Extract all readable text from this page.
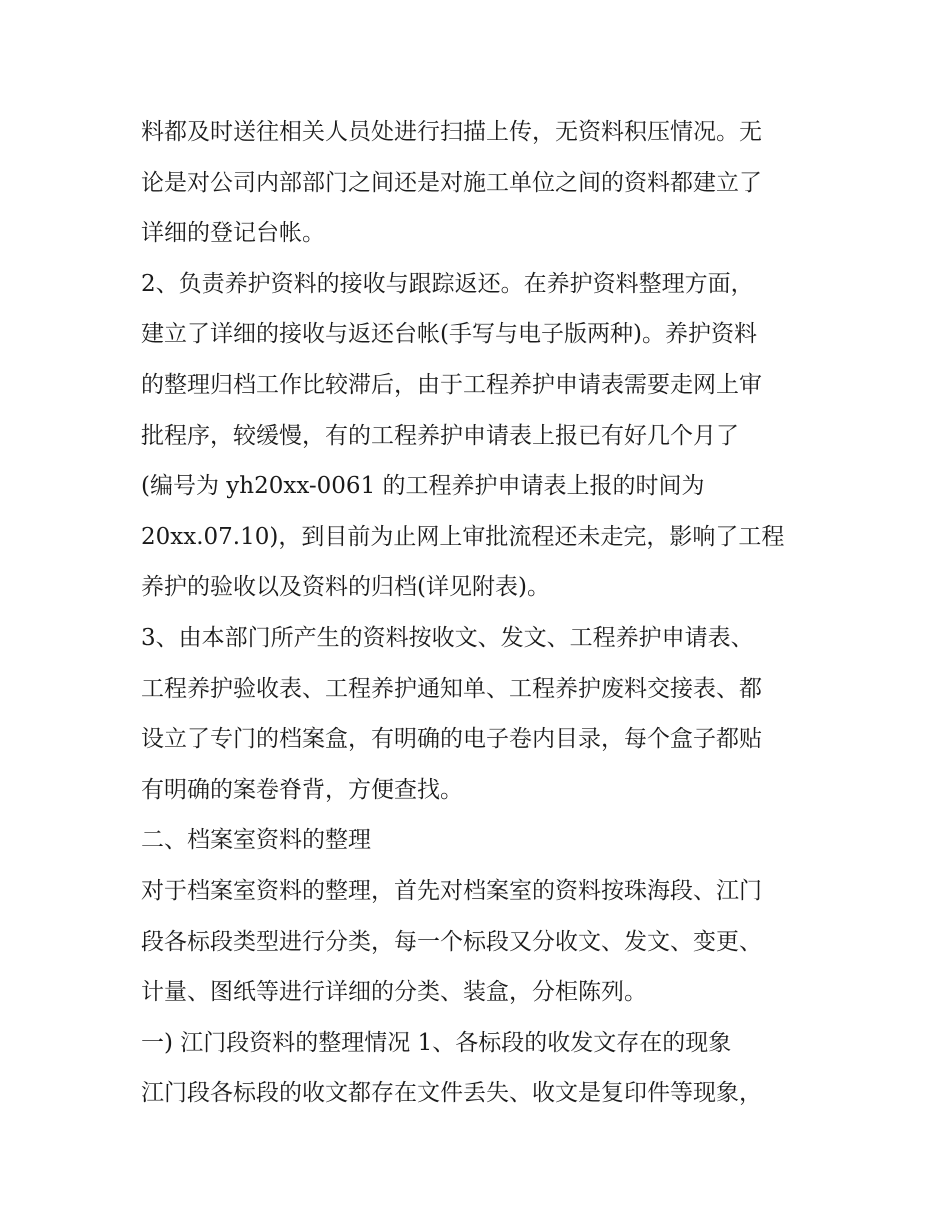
料都及时送往相关人员处进行扫描上传，无资料积压情况。无
论是对公司内部部门之间还是对施工单位之间的资料都建立了
详细的登记台帐。
2、负责养护资料的接收与跟踪返还。在养护资料整理方面，
建立了详细的接收与返还台帐(手写与电子版两种)。养护资料
的整理归档工作比较滞后，由于工程养护申请表需要走网上审
批程序，较缓慢，有的工程养护申请表上报已有好几个月了
(编号为 yh20xx-0061 的工程养护申请表上报的时间为
20xx.07.10)，到目前为止网上审批流程还未走完，影响了工程
养护的验收以及资料的归档(详见附表)。
3、由本部门所产生的资料按收文、发文、工程养护申请表、
工程养护验收表、工程养护通知单、工程养护废料交接表、都
设立了专门的档案盒，有明确的电子卷内目录，每个盒子都贴
有明确的案卷脊背，方便查找。
二、档案室资料的整理
对于档案室资料的整理，首先对档案室的资料按珠海段、江门
段各标段类型进行分类，每一个标段又分收文、发文、变更、
计量、图纸等进行详细的分类、装盒，分柜陈列。
一) 江门段资料的整理情况 1、各标段的收发文存在的现象
江门段各标段的收文都存在文件丢失、收文是复印件等现象，
